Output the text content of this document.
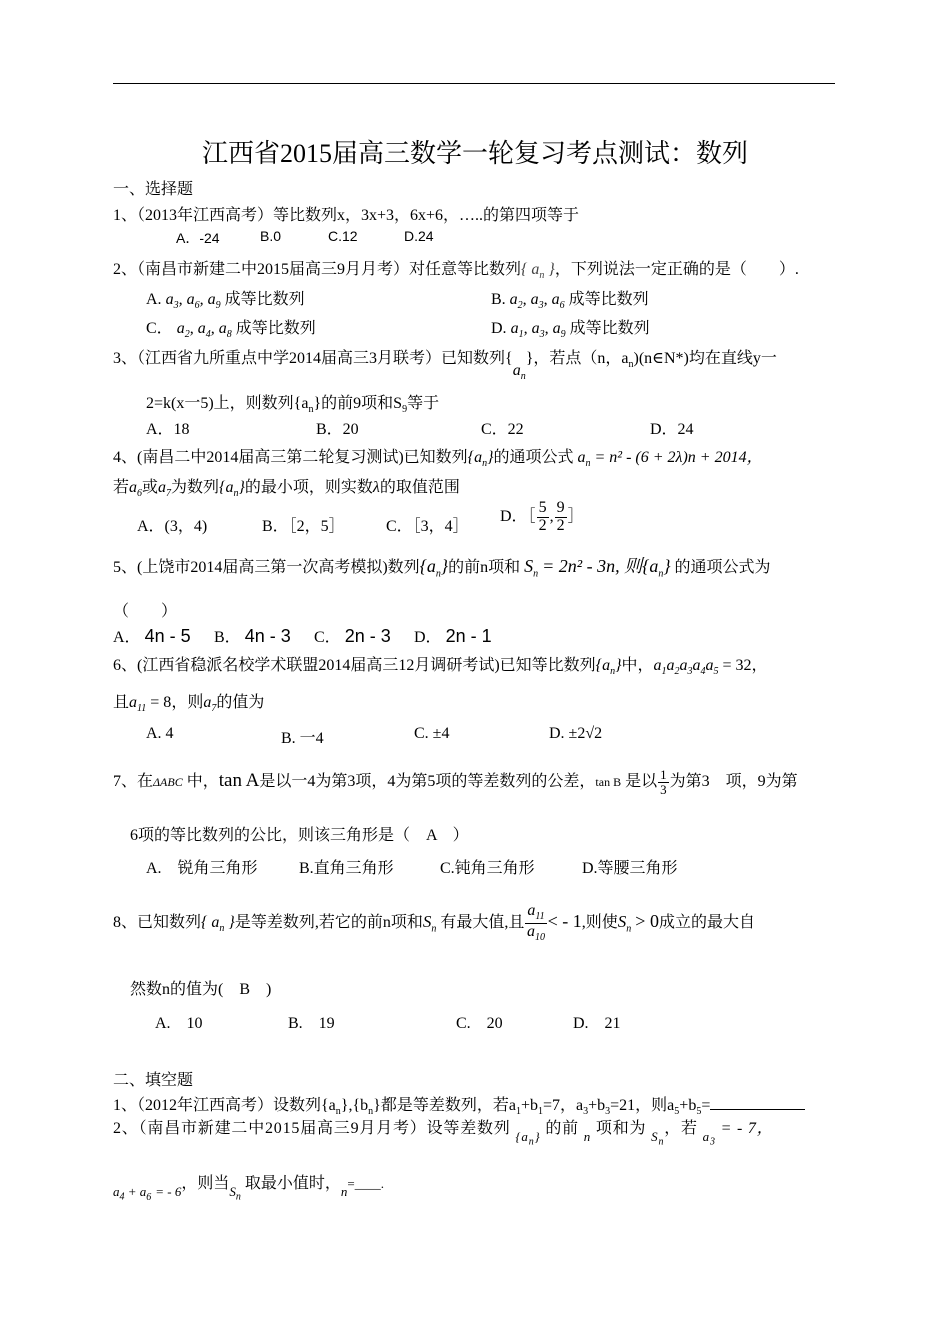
江西省2015届高三数学一轮复习考点测试：数列
一、选择题
1、（2013年江西高考）等比数列x，3x+3，6x+6，…..的第四项等于
A．-24	B.0	C.12	D.24
2、（南昌市新建二中2015届高三9月月考）对任意等比数列{ $a_n$ }，下列说法一定正确的是（　　）.
A. $a_3$, $a_6$, $a_9$ 成等比数列	B. $a_2$, $a_3$, $a_6$ 成等比数列
C． $a_2$, $a_4$, $a_8$ 成等比数列	D. $a_1$, $a_3$, $a_9$ 成等比数列
3、（江西省九所重点中学2014届高三3月联考）已知数列$\{a_n\}$，若点（n，$a_n)(n\in N*)$均在直线y一
2=k(x一5)上，则数列$\{a_n\}$的前9项和$S_9$等于
A．18	B．20	C．22	D．24
4、(南昌二中2014届高三第二轮复习测试)已知数列$\{a_n\}$的通项公式 $a_n = n^2 - (6 + 2\lambda)n + 2014$，
若$a_6$或$a_7$为数列$\{a_n\}$的最小项，则实数λ的取值范围
A．(3，4)	B．［2，5］	C．［3，4］
D．［ $\frac{5}{2}$ , $\frac{9}{2}$ ］
5、(上饶市2014届高三第一次高考模拟)数列$\{a_n\}$的前n项和 $S_n = 2n^2 - 3n$, 则$\{a_n\}$ 的通项公式为
（　　）
A． 4n - 5 B． 4n - 3 C． 2n - 3 D． 2n - 1
6、(江西省稳派名校学术联盟2014届高三12月调研考试)已知等比数列$\{a_n\}$中，$a_1a_2a_3a_4a_5 = 32$，
且$a_{11} = 8$，则$a_7$的值为
A. 4	B. 一4	C. ±4	D. ±2√2
7、在ΔABC 中，tan A是以一4为第3项，4为第5项的等差数列的公差，tan B 是以 $\frac{1}{3}$ 为第3　项，9为第
6项的等比数列的公比，则该三角形是（　A　）
A.　锐角三角形	B.直角三角形	C.钝角三角形	D.等腰三角形
8、已知数列{ $a_n$ }是等差数列,若它的前n项和$S_n$ 有最大值,且 $\frac{a_{11}}{a_{10}}$ < - 1,则使$S_n > 0$成立的最大自
然数n的值为(　B　)
A.　10	B.　19	C.　20	D.　21
二、填空题
1、（2012年江西高考）设数列$\{a_n\},\{b_n\}$都是等差数列，若$a_1+b_1=7$，$a_3+b_3=21$，则$a_5+b_5=$
2、（南昌市新建二中2015届高三9月月考）设等差数列 $_{\{a_n\}}$ 的前 $_n$ 项和为 $_{S_n}$，若 $_{a_3}$ = - 7，
$_{a_4}$ $_{+ a6}$ $_{= - 6}$，则当$_{S_n}$ 取最小值时，$_n$=____.
